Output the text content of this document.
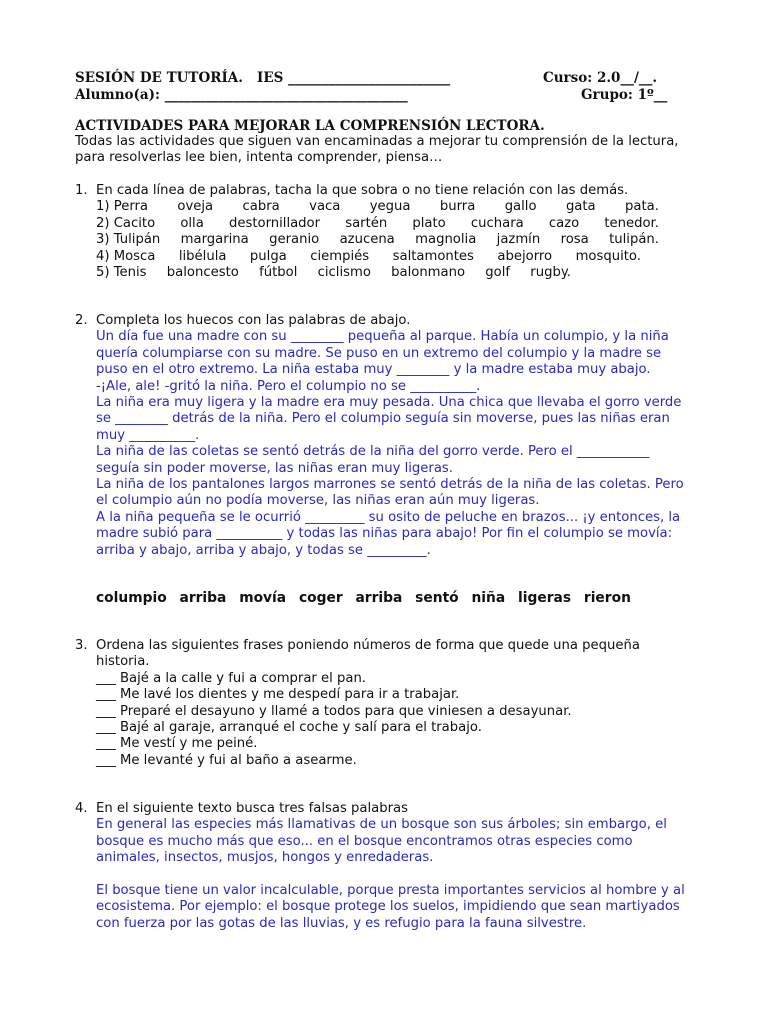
SESIÓN DE TUTORÍA.   IES ________________________	Curso: 2.0__/__.
Alumno(a): ____________________________________	Grupo: 1º__
ACTIVIDADES PARA MEJORAR LA COMPRENSIÓN LECTORA.
Todas las actividades que siguen van encaminadas a mejorar tu comprensión de la lectura, para resolverlas lee bien, intenta comprender, piensa…
1. En cada línea de palabras, tacha la que sobra o no tiene relación con las demás.
1) Perra oveja cabra vaca yegua burra gallo gata pata.
2) Cacito olla destornillador sartén plato cuchara cazo tenedor.
3) Tulipán margarina geranio azucena magnolia jazmín rosa tulipán.
4) Mosca libélula pulga ciempiés saltamontes abejorro mosquito.
5) Tenis baloncesto fútbol ciclismo balonmano golf rugby.
2. Completa los huecos con las palabras de abajo.

Un día fue una madre con su ________ pequeña al parque. Había un columpio, y la niña quería columpiarse con su madre. Se puso en un extremo del columpio y la madre se puso en el otro extremo. La niña estaba muy ________ y la madre estaba muy abajo.

-¡Ale, ale! -gritó la niña. Pero el columpio no se __________.

La niña era muy ligera y la madre era muy pesada. Una chica que llevaba el gorro verde se ________ detrás de la niña. Pero el columpio seguía sin moverse, pues las niñas eran muy __________.

La niña de las coletas se sentó detrás de la niña del gorro verde. Pero el ___________ seguía sin poder moverse, las niñas eran muy ligeras.

La niña de los pantalones largos marrones se sentó detrás de la niña de las coletas. Pero el columpio aún no podía moverse, las niñas eran aún muy ligeras.

A la niña pequeña se le ocurrió _________ su osito de peluche en brazos... ¡y entonces, la madre subió para __________ y todas las niñas para abajo! Por fin el columpio se movía: arriba y abajo, arriba y abajo, y todas se _________.

columpio arriba movía coger arriba sentó niña ligeras rieron
3. Ordena las siguientes frases poniendo números de forma que quede una pequeña historia.

___ Bajé a la calle y fui a comprar el pan.

___ Me lavé los dientes y me despedí para ir a trabajar.

___ Preparé el desayuno y llamé a todos para que viniesen a desayunar.

___ Bajé al garaje, arranqué el coche y salí para el trabajo.

___ Me vestí y me peiné.

___ Me levanté y fui al baño a asearme.

4. En el siguiente texto busca tres falsas palabras

En general las especies más llamativas de un bosque son sus árboles; sin embargo, el bosque es mucho más que eso... en el bosque encontramos otras especies como animales, insectos, musjos, hongos y enredaderas.

El bosque tiene un valor incalculable, porque presta importantes servicios al hombre y al ecosistema. Por ejemplo: el bosque protege los suelos, impidiendo que sean martiyados con fuerza por las gotas de las lluvias, y es refugio para la fauna silvestre.
